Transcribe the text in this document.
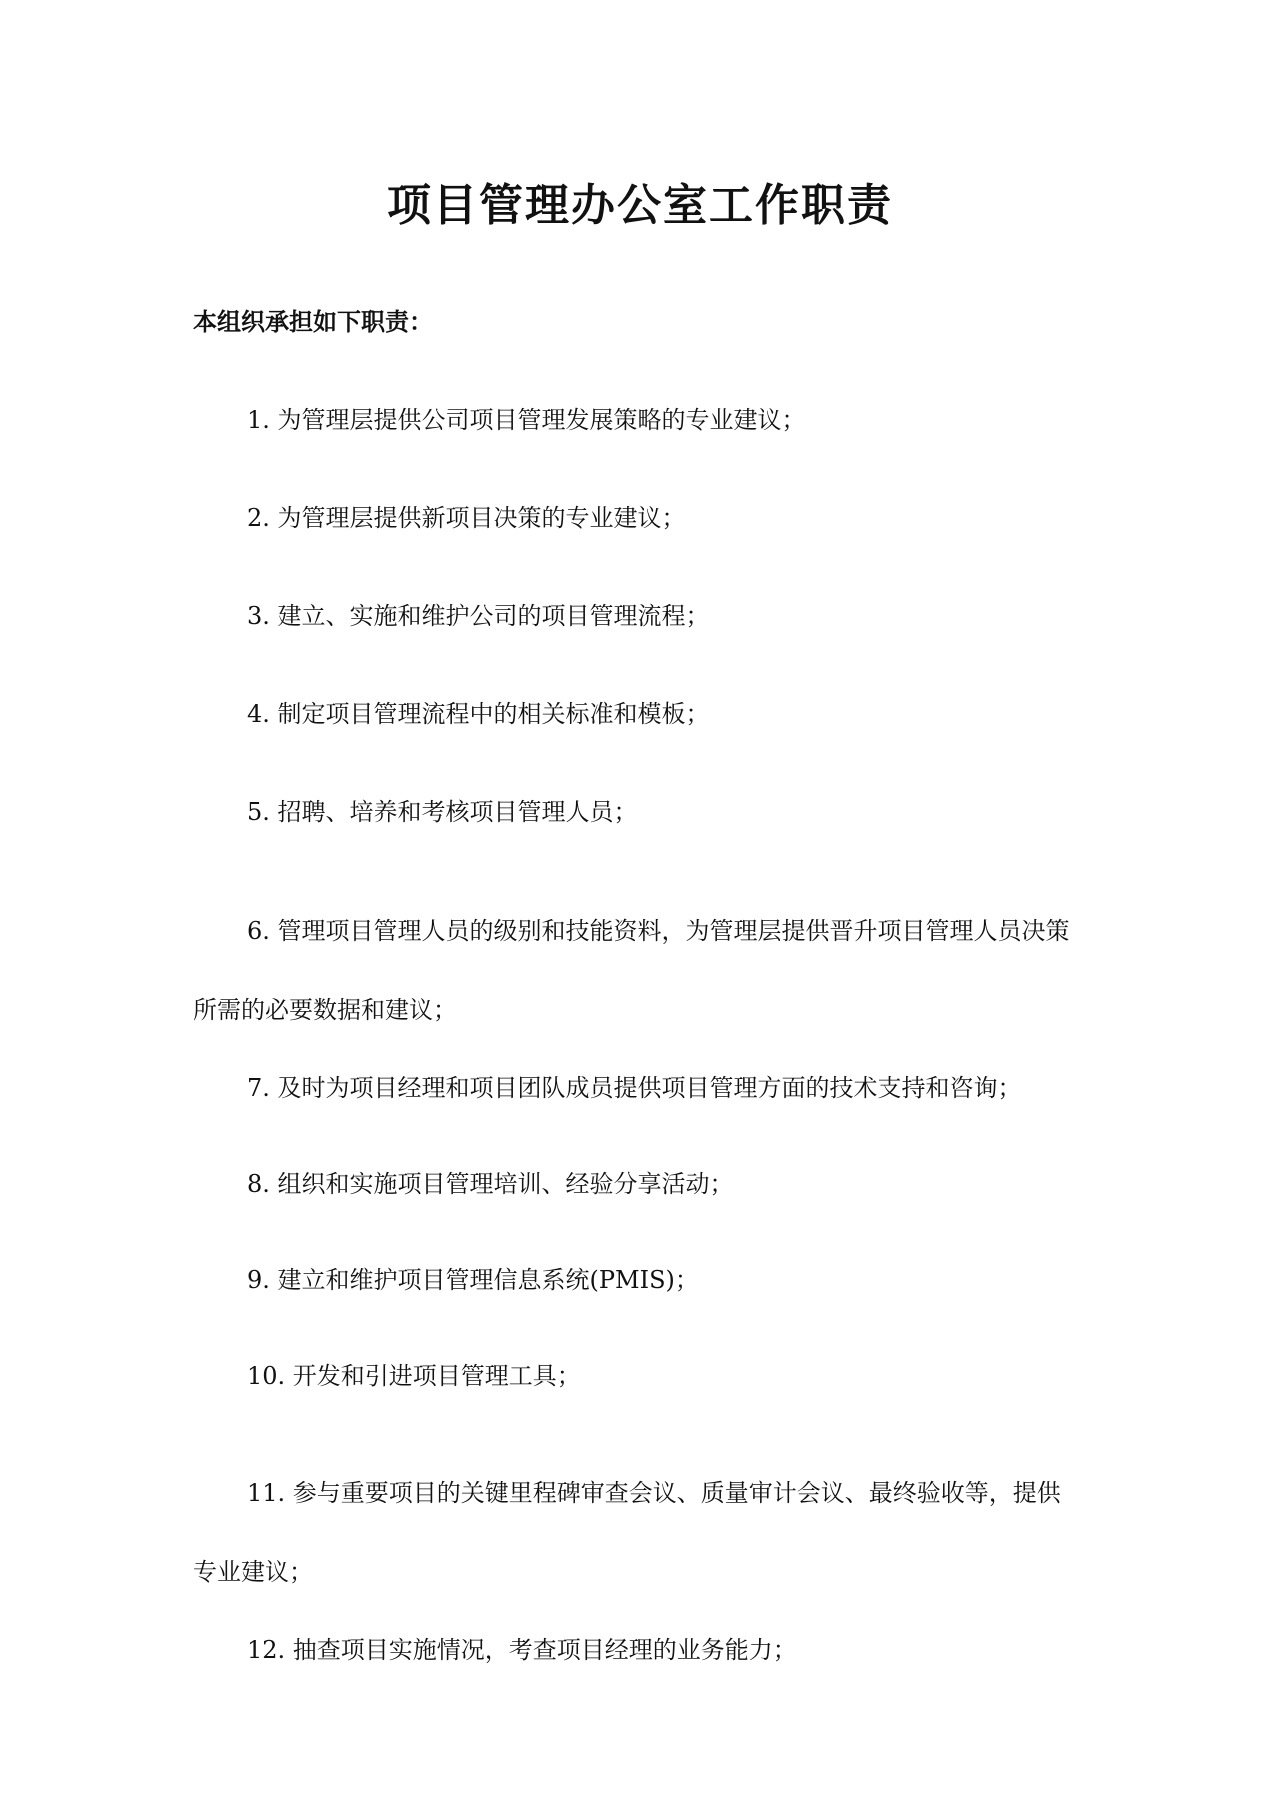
项目管理办公室工作职责

本组织承担如下职责：

1. 为管理层提供公司项目管理发展策略的专业建议；

2. 为管理层提供新项目决策的专业建议；

3. 建立、实施和维护公司的项目管理流程；

4. 制定项目管理流程中的相关标准和模板；

5. 招聘、培养和考核项目管理人员；

6. 管理项目管理人员的级别和技能资料，为管理层提供晋升项目管理人员决策所需的必要数据和建议；

7. 及时为项目经理和项目团队成员提供项目管理方面的技术支持和咨询；

8. 组织和实施项目管理培训、经验分享活动；

9. 建立和维护项目管理信息系统(PMIS)；

10. 开发和引进项目管理工具；

11. 参与重要项目的关键里程碑审查会议、质量审计会议、最终验收等，提供专业建议；

12. 抽查项目实施情况，考查项目经理的业务能力；
